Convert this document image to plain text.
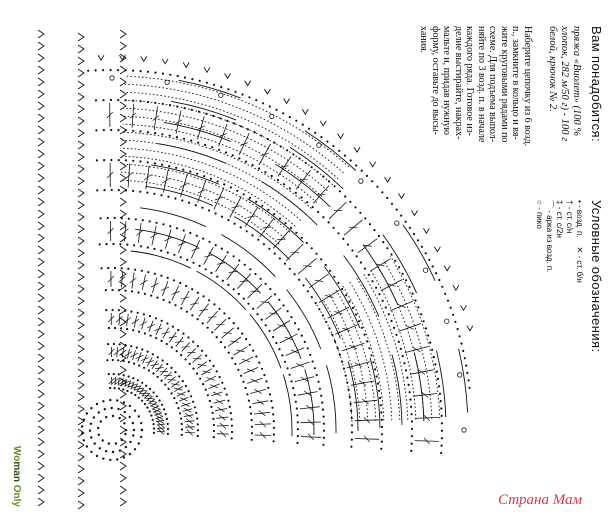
Вам понадобится:
пряжа «Виолет» (100 %
хлопок, 282 м/50 г) - 100 г
белой, крючок № 2.
Наберите цепочку из 6 возд.
п., замкните в кольцо и вя-
жите круговыми рядами по
схеме. Для подъема выпол-
няйте по 3 возд. п. в начале
каждого ряда. Готовое из-
делие выстирайте, накрах-
мальте и, придав нужную
форму, оставьте до высы-
хания.
Условные обозначения:
• - возд. п.    ✕ - ст. б/н
† - ст. с/н
‡ - ст. с/2н
⌒ - арка из возд. п.
○ - пико
Woman Only	Страна Мам
